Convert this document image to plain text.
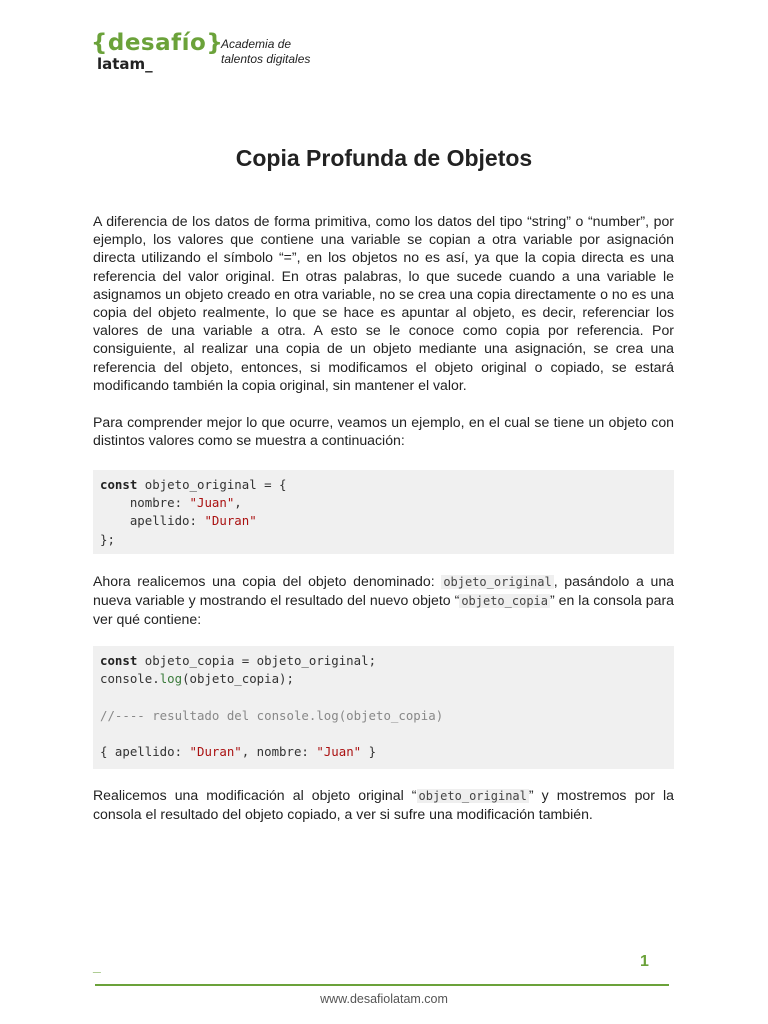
{desafío}
latam_
Academia de
talentos digitales
Copia Profunda de Objetos

A diferencia de los datos de forma primitiva, como los datos del tipo “string” o “number”, por ejemplo, los valores que contiene una variable se copian a otra variable por asignación directa utilizando el símbolo “=”, en los objetos no es así, ya que la copia directa es una referencia del valor original. En otras palabras, lo que sucede cuando a una variable le asignamos un objeto creado en otra variable, no se crea una copia directamente o no es una copia del objeto realmente, lo que se hace es apuntar al objeto, es decir, referenciar los valores de una variable a otra. A esto se le conoce como copia por referencia. Por consiguiente, al realizar una copia de un objeto mediante una asignación, se crea una referencia del objeto, entonces, si modificamos el objeto original o copiado, se estará modificando también la copia original, sin mantener el valor.

Para comprender mejor lo que ocurre, veamos un ejemplo, en el cual se tiene un objeto con distintos valores como se muestra a continuación:

const objeto_original = {
nombre: "Juan",
apellido: "Duran"
};

Ahora realicemos una copia del objeto denominado: objeto_original , pasándolo a una nueva variable y mostrando el resultado del nuevo objeto “ objeto_copia ” en la consola para ver qué contiene:

const objeto_copia = objeto_original;
console.log(objeto_copia);

//---- resultado del console.log(objeto_copia)

{ apellido: "Duran", nombre: "Juan" }

Realicemos una modificación al objeto original “ objeto_original ” y mostremos por la consola el resultado del objeto copiado, a ver si sufre una modificación también.

_	1
www.desafiolatam.com
